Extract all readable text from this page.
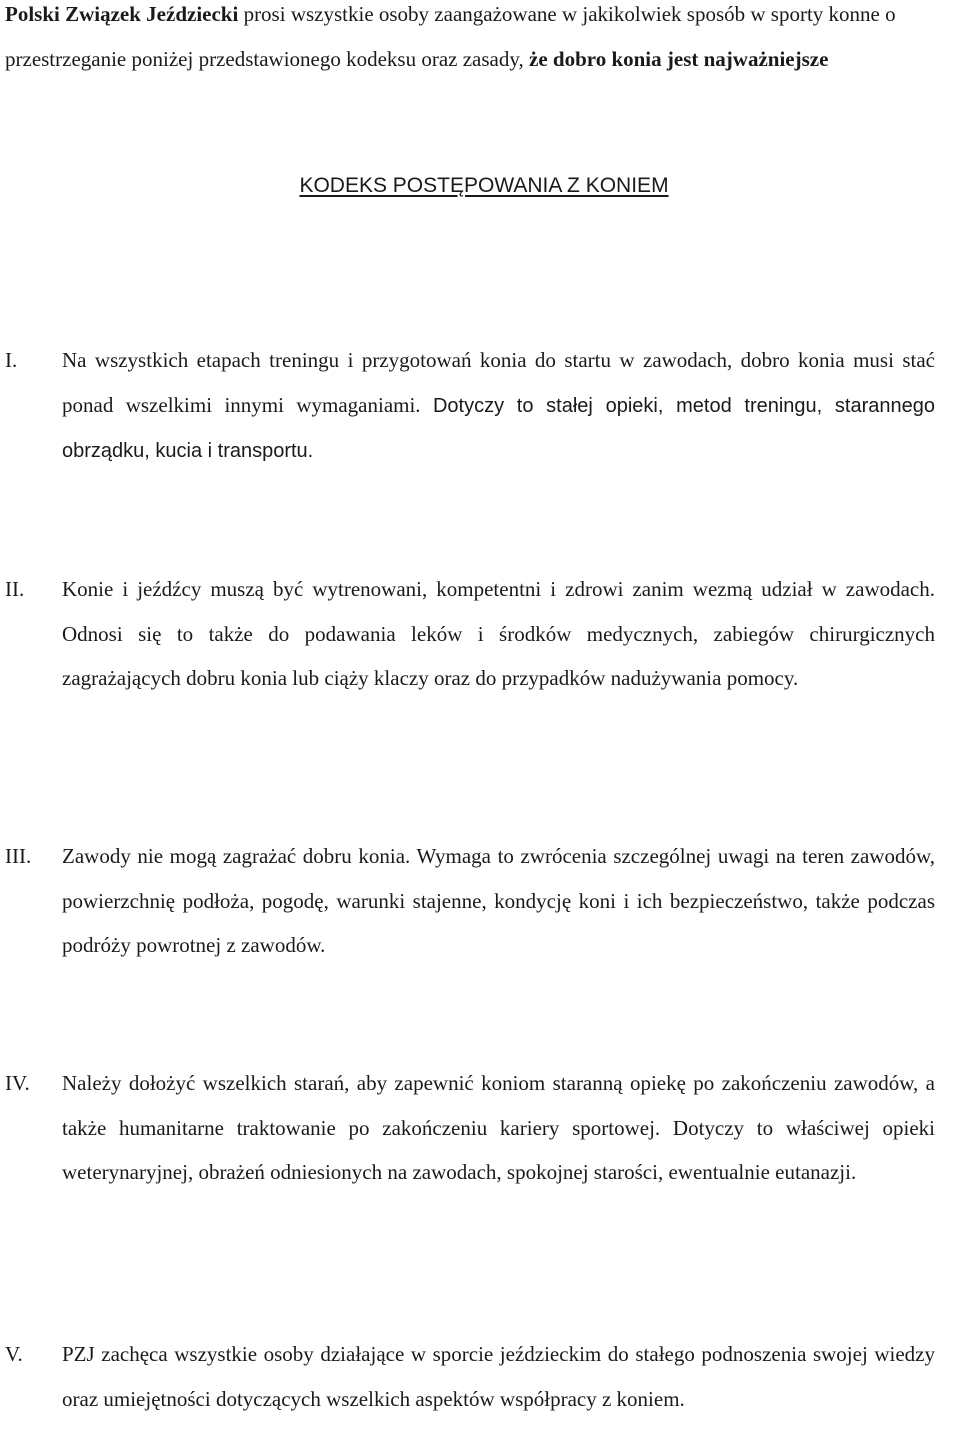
Polski Związek Jeździecki prosi wszystkie osoby zaangażowane w jakikolwiek sposób w sporty konne o przestrzeganie poniżej przedstawionego kodeksu oraz zasady, że dobro konia jest najważniejsze

KODEKS POSTĘPOWANIA Z KONIEM
I.	Na wszystkich etapach treningu i przygotowań konia do startu w zawodach, dobro konia musi stać ponad wszelkimi innymi wymaganiami. Dotyczy to stałej opieki, metod treningu, starannego obrządku, kucia i transportu.
II.	Konie i jeźdźcy muszą być wytrenowani, kompetentni i zdrowi zanim wezmą udział w zawodach. Odnosi się to także do podawania leków i środków medycznych, zabiegów chirurgicznych zagrażających dobru konia lub ciąży klaczy oraz do przypadków nadużywania pomocy.
III.	Zawody nie mogą zagrażać dobru konia. Wymaga to zwrócenia szczególnej uwagi na teren zawodów, powierzchnię podłoża, pogodę, warunki stajenne, kondycję koni i ich bezpieczeństwo, także podczas podróży powrotnej z zawodów.
IV.	Należy dołożyć wszelkich starań, aby zapewnić koniom staranną opiekę po zakończeniu zawodów, a także humanitarne traktowanie po zakończeniu kariery sportowej. Dotyczy to właściwej opieki weterynaryjnej, obrażeń odniesionych na zawodach, spokojnej starości, ewentualnie eutanazji.
V.	PZJ zachęca wszystkie osoby działające w sporcie jeździeckim do stałego podnoszenia swojej wiedzy oraz umiejętności dotyczących wszelkich aspektów współpracy z koniem.
